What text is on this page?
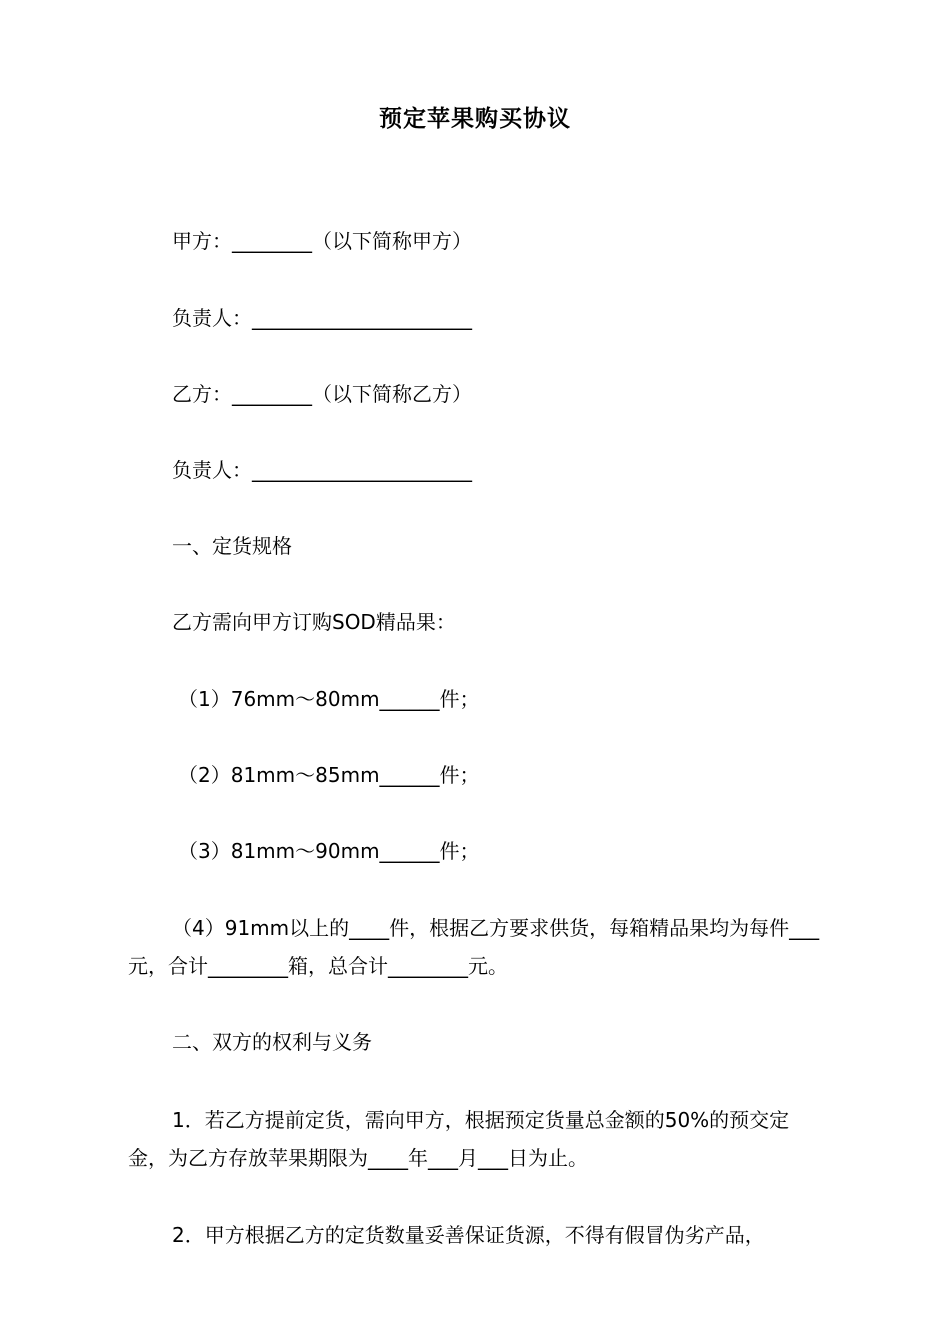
预定苹果购买协议
甲方：________（以下简称甲方）
负责人：______________________
乙方：________（以下简称乙方）
负责人：______________________
一、定货规格
乙方需向甲方订购SOD精品果：
（1）76mm～80mm______件；
（2）81mm～85mm______件；
（3）81mm～90mm______件；
（4）91mm以上的____件，根据乙方要求供货，每箱精品果均为每件___元，合计________箱，总合计________元。
二、双方的权利与义务
1．若乙方提前定货，需向甲方，根据预定货量总金额的50%的预交定金，为乙方存放苹果期限为____年___月___日为止。
2．甲方根据乙方的定货数量妥善保证货源，不得有假冒伪劣产品，
